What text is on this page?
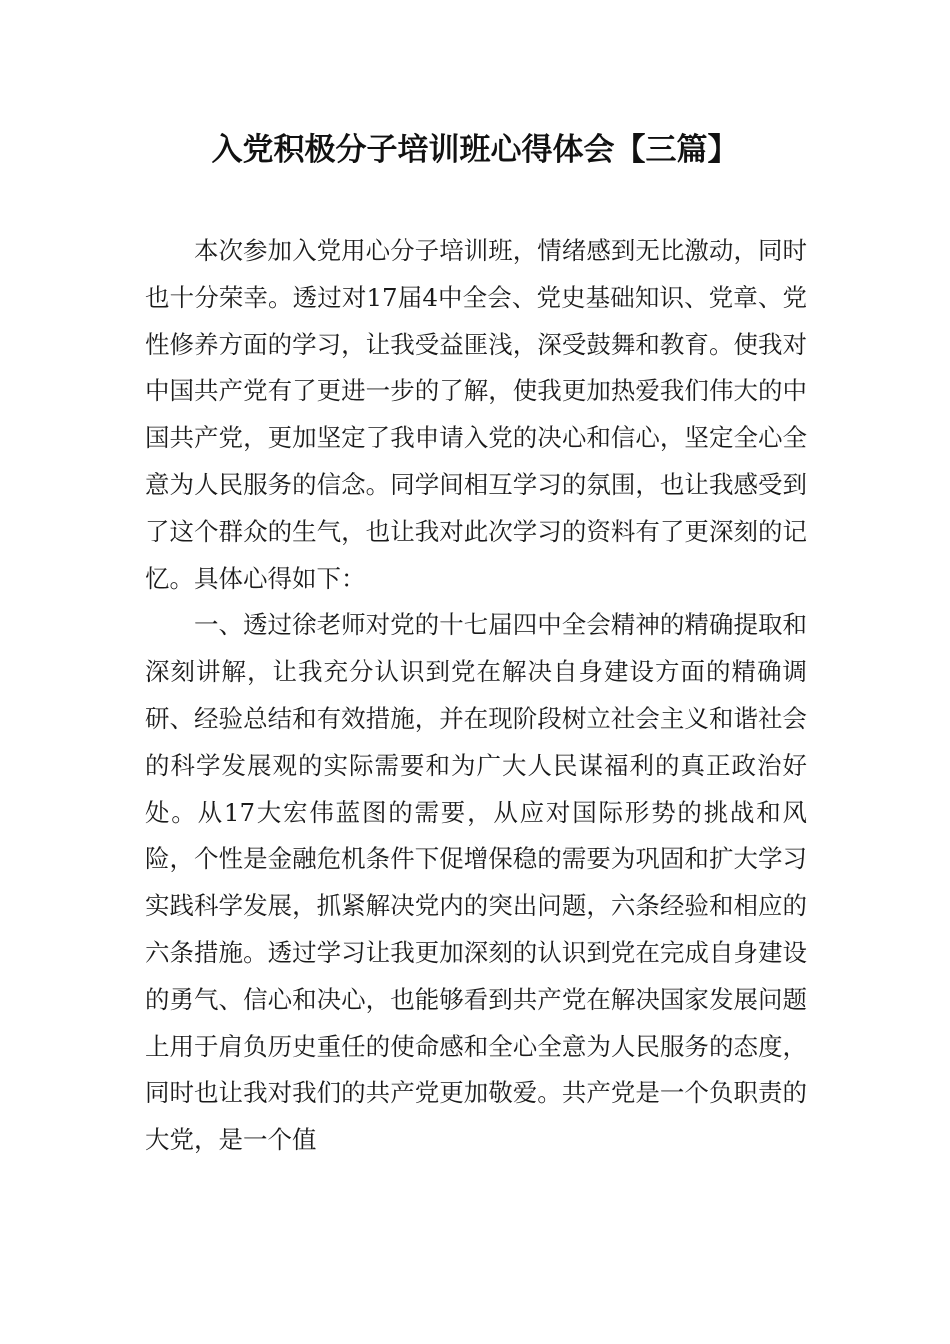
入党积极分子培训班心得体会【三篇】

本次参加入党用心分子培训班，情绪感到无比激动，同时也十分荣幸。透过对17届4中全会、党史基础知识、党章、党性修养方面的学习，让我受益匪浅，深受鼓舞和教育。使我对中国共产党有了更进一步的了解，使我更加热爱我们伟大的中国共产党，更加坚定了我申请入党的决心和信心，坚定全心全意为人民服务的信念。同学间相互学习的氛围，也让我感受到了这个群众的生气，也让我对此次学习的资料有了更深刻的记忆。具体心得如下：

一、透过徐老师对党的十七届四中全会精神的精确提取和深刻讲解，让我充分认识到党在解决自身建设方面的精确调研、经验总结和有效措施，并在现阶段树立社会主义和谐社会的科学发展观的实际需要和为广大人民谋福利的真正政治好处。从17大宏伟蓝图的需要，从应对国际形势的挑战和风险，个性是金融危机条件下促增保稳的需要为巩固和扩大学习实践科学发展，抓紧解决党内的突出问题，六条经验和相应的六条措施。透过学习让我更加深刻的认识到党在完成自身建设的勇气、信心和决心，也能够看到共产党在解决国家发展问题上用于肩负历史重任的使命感和全心全意为人民服务的态度，同时也让我对我们的共产党更加敬爱。共产党是一个负职责的大党，是一个值
